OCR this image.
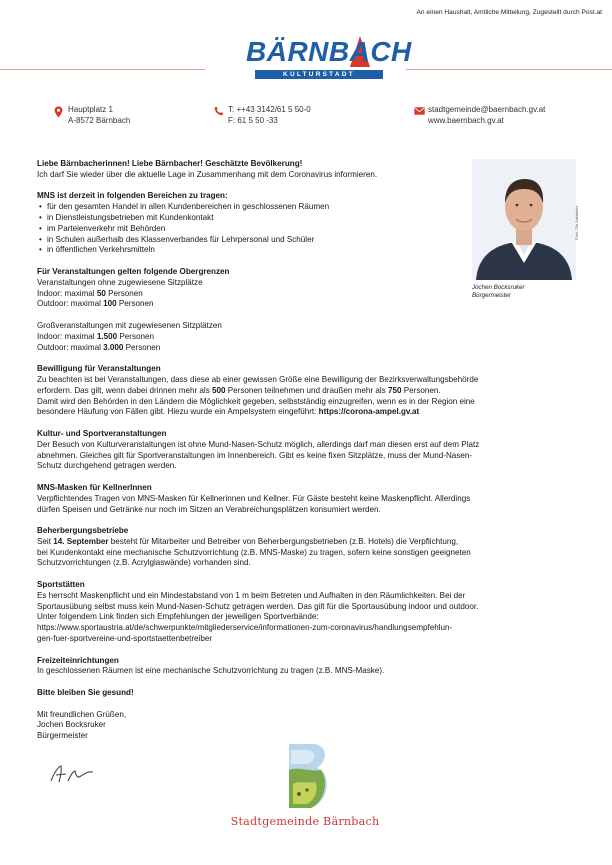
An einen Haushalt, Amtliche Mitteilung, Zugestellt durch Post.at
BÄRNBACH
KULTURSTADT
Hauptplatz 1
A-8572 Bärnbach
T: ++43 3142/61 5 50-0
F: 61 5 50 -33
stadtgemeinde@baernbach.gv.at
www.baernbach.gv.at
Foto: Die Aufsteirer
Jochen Bocksruker
Bürgermeister
Liebe Bärnbacherinnen! Liebe Bärnbacher! Geschätzte Bevölkerung!

Ich darf Sie wieder über die aktuelle Lage in Zusammenhang mit dem Coronavirus informieren.

MNS ist derzeit in folgenden Bereichen zu tragen:
• für den gesamten Handel in allen Kundenbereichen in geschlossenen Räumen
• in Dienstleistungsbetrieben mit Kundenkontakt
• im Parteienverkehr mit Behörden
• in Schulen außerhalb des Klassenverbandes für Lehrpersonal und Schüler
• in öffentlichen Verkehrsmitteln
Für Veranstaltungen gelten folgende Obergrenzen

Veranstaltungen ohne zugewiesene Sitzplätze

Indoor: maximal 50 Personen

Outdoor: maximal 100 Personen

Großveranstaltungen mit zugewiesenen Sitzplätzen

Indoor: maximal 1.500 Personen

Outdoor: maximal 3.000 Personen

Bewilligung für Veranstaltungen

Zu beachten ist bei Veranstaltungen, dass diese ab einer gewissen Größe eine Bewilligung der Bezirksverwaltungsbehörde

erfordern. Das gilt, wenn dabei drinnen mehr als 500 Personen teilnehmen und draußen mehr als 750 Personen.

Damit wird den Behörden in den Ländern die Möglichkeit gegeben, selbstständig einzugreifen, wenn es in der Region eine

besondere Häufung von Fällen gibt. Hiezu wurde ein Ampelsystem eingeführt: https://corona-ampel.gv.at

Kultur- und Sportveranstaltungen

Der Besuch von Kulturveranstaltungen ist ohne Mund-Nasen-Schutz möglich, allerdings darf man diesen erst auf dem Platz

abnehmen. Gleiches gilt für Sportveranstaltungen im Innenbereich. Gibt es keine fixen Sitzplätze, muss der Mund-Nasen-

Schutz durchgehend getragen werden.

MNS-Masken für KellnerInnen

Verpflichtendes Tragen von MNS-Masken für Kellnerinnen und Kellner. Für Gäste besteht keine Maskenpflicht. Allerdings

dürfen Speisen und Getränke nur noch im Sitzen an Verabreichungsplätzen konsumiert werden.

Beherbergungsbetriebe

Seit 14. September besteht für Mitarbeiter und Betreiber von Beherbergungsbetrieben (z.B. Hotels) die Verpflichtung,

bei Kundenkontakt eine mechanische Schutzvorrichtung (z.B. MNS-Maske) zu tragen, sofern keine sonstigen geeigneten

Schutzvorrichtungen (z.B. Acrylglaswände) vorhanden sind.

Sportstätten

Es herrscht Maskenpflicht und ein Mindestabstand von 1 m beim Betreten und Aufhalten in den Räumlichkeiten. Bei der

Sportausübung selbst muss kein Mund-Nasen-Schutz getragen werden. Das gilt für die Sportausübung indoor und outdoor.

Unter folgendem Link finden sich Empfehlungen der jeweiligen Sportverbände:

https://www.sportaustria.at/de/schwerpunkte/mitgliederservice/informationen-zum-coronavirus/handlungsempfehlun-

gen-fuer-sportvereine-und-sportstaettenbetreiber

Freizeiteinrichtungen

In geschlossenen Räumen ist eine mechanische Schutzvorrichtung zu tragen (z.B. MNS-Maske).

Bitte bleiben Sie gesund!

Mit freundlichen Grüßen,

Jochen Bocksruker

Bürgermeister

Stadtgemeinde Bärnbach
